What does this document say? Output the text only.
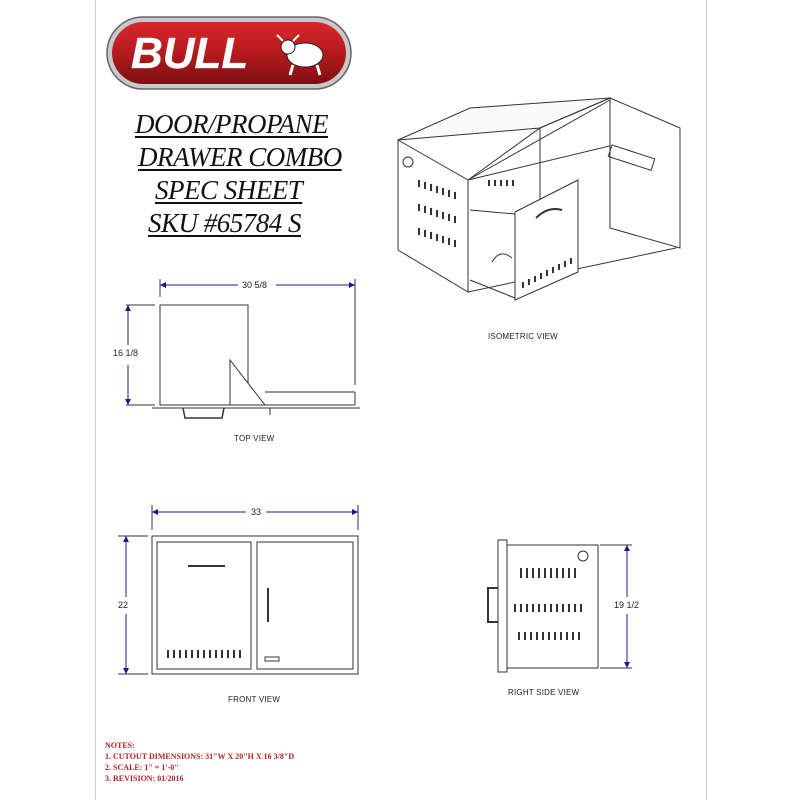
BULL
DOOR/PROPANE
DRAWER COMBO
SPEC SHEET
SKU #65784 S
ISOMETRIC VIEW
TOP VIEW
FRONT VIEW
RIGHT SIDE VIEW
30 5/8
16 1/8
33
22	19 1/2
NOTES:
1. CUTOUT DIMENSIONS: 31"W X 20"H X 16 3/8"D
2. SCALE: 1" = 1'-0"
3. REVISION: 01/2016
